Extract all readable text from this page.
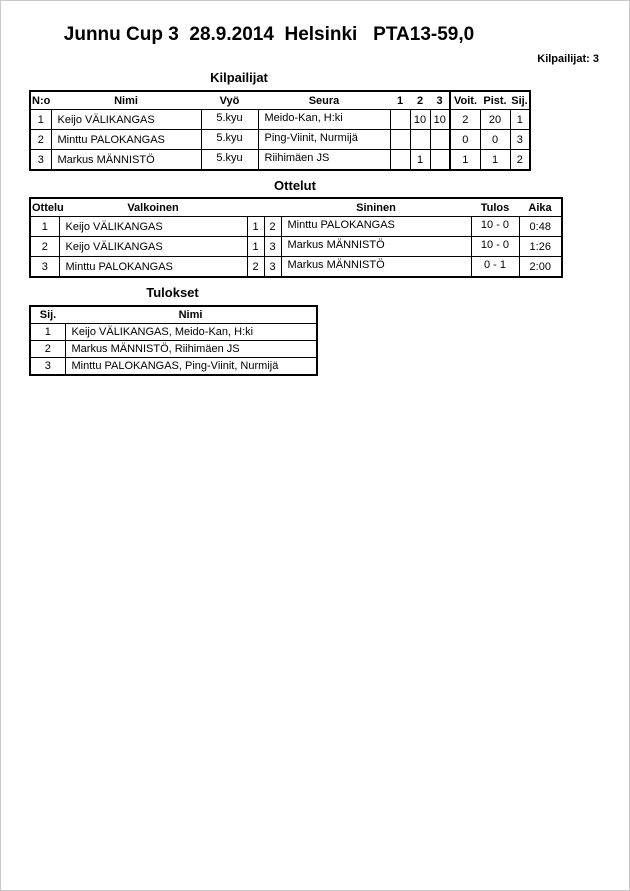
Junnu Cup 3  28.9.2014  Helsinki   PTA13-59,0
Kilpailijat: 3
Kilpailijat
N:o	Nimi	Vyö	Seura	1	2	3	Voit.	Pist.	Sij.
1	Keijo VÄLIKANGAS	5.kyu	Meido-Kan, H:ki		10	10	2	20	1
2	Minttu PALOKANGAS	5.kyu	Ping-Viinit, Nurmijä				0	0	3
3	Markus MÄNNISTÖ	5.kyu	Riihimäen JS		1		1	1	2
Ottelut
Ottelu	Valkoinen			Sininen	Tulos	Aika
1	Keijo VÄLIKANGAS	1	2	Minttu PALOKANGAS	10 - 0	0:48
2	Keijo VÄLIKANGAS	1	3	Markus MÄNNISTÖ	10 - 0	1:26
3	Minttu PALOKANGAS	2	3	Markus MÄNNISTÖ	0 - 1	2:00
Tulokset
Sij.	Nimi
1	Keijo VÄLIKANGAS, Meido-Kan, H:ki
2	Markus MÄNNISTÖ, Riihimäen JS
3	Minttu PALOKANGAS, Ping-Viinit, Nurmijä
